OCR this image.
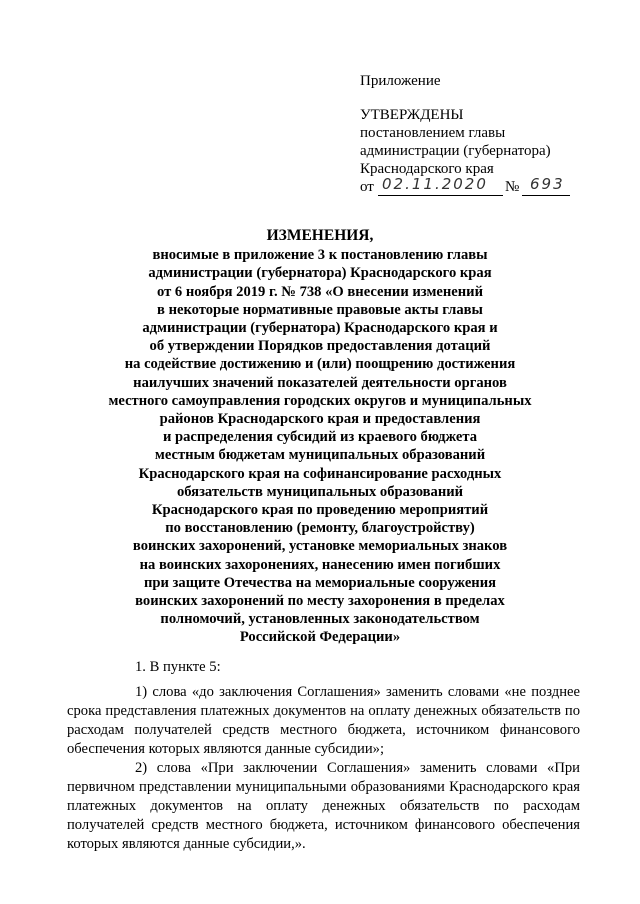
Приложение
УТВЕРЖДЕНЫ
постановлением главы
администрации (губернатора)
Краснодарского края
от 02.11.2020 № 693
ИЗМЕНЕНИЯ,
вносимые в приложение 3 к постановлению главы
администрации (губернатора) Краснодарского края
от 6 ноября 2019 г. № 738 «О внесении изменений
в некоторые нормативные правовые акты главы
администрации (губернатора) Краснодарского края и
об утверждении Порядков предоставления дотаций
на содействие достижению и (или) поощрению достижения
наилучших значений показателей деятельности органов
местного самоуправления городских округов и муниципальных
районов Краснодарского края и предоставления
и распределения субсидий из краевого бюджета
местным бюджетам муниципальных образований
Краснодарского края на софинансирование расходных
обязательств муниципальных образований
Краснодарского края по проведению мероприятий
по восстановлению (ремонту, благоустройству)
воинских захоронений, установке мемориальных знаков
на воинских захоронениях, нанесению имен погибших
при защите Отечества на мемориальные сооружения
воинских захоронений по месту захоронения в пределах
полномочий, установленных законодательством
Российской Федерации»

1. В пункте 5:

1) слова «до заключения Соглашения» заменить словами «не позднее срока представления платежных документов на оплату денежных обязательств по расходам получателей средств местного бюджета, источником финансового обеспечения которых являются данные субсидии»;

2) слова «При заключении Соглашения» заменить словами «При первичном представлении муниципальными образованиями Краснодарского края платежных документов на оплату денежных обязательств по расходам получателей средств местного бюджета, источником финансового обеспечения которых являются данные субсидии,».
